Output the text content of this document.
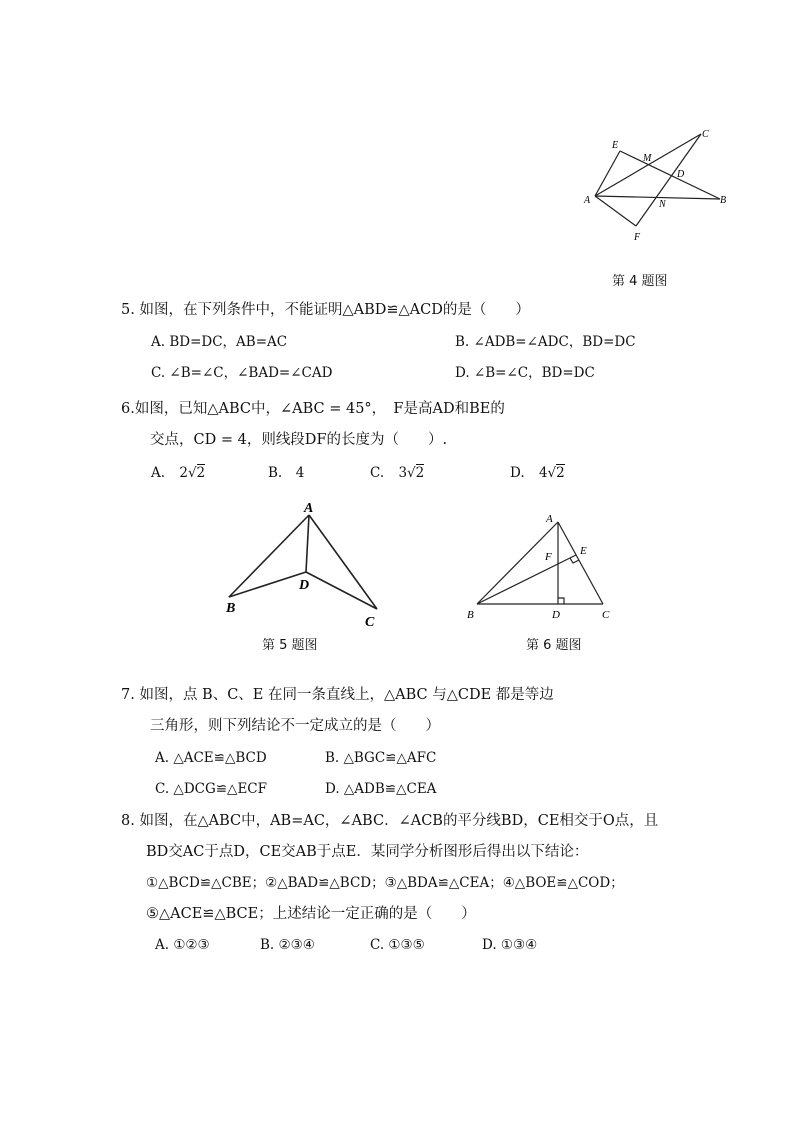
E
M
C
D
A	N	B
F
第 4 题图
5. 如图，在下列条件中，不能证明△ABD≌△ACD的是（　　）
A. BD=DC，AB=AC	B. ∠ADB=∠ADC，BD=DC
C. ∠B=∠C，∠BAD=∠CAD	D. ∠B=∠C，BD=DC
6.如图，已知△ABC中，∠ABC = 45°，　F是高AD和BE的
交点，CD = 4，则线段DF的长度为（　　）.
A. 2√2	B.　4	C. 3√2	D. 4√2
A
B
C
D
第 5 题图
A
B	C
D
E
F
第 6 题图
7. 如图，点 B、C、E 在同一条直线上，△ABC 与△CDE 都是等边
三角形，则下列结论不一定成立的是（　　）
A. △ACE≌△BCD	B. △BGC≌△AFC
C. △DCG≌△ECF	D. △ADB≌△CEA
8. 如图，在△ABC中，AB=AC，∠ABC．∠ACB的平分线BD，CE相交于O点，且
BD交AC于点D，CE交AB于点E．某同学分析图形后得出以下结论：
①△BCD≌△CBE；②△BAD≌△BCD；③△BDA≌△CEA；④△BOE≌△COD；
⑤△ACE≌△BCE；上述结论一定正确的是（　　）
A. ①②③	B. ②③④	C. ①③⑤	D. ①③④
